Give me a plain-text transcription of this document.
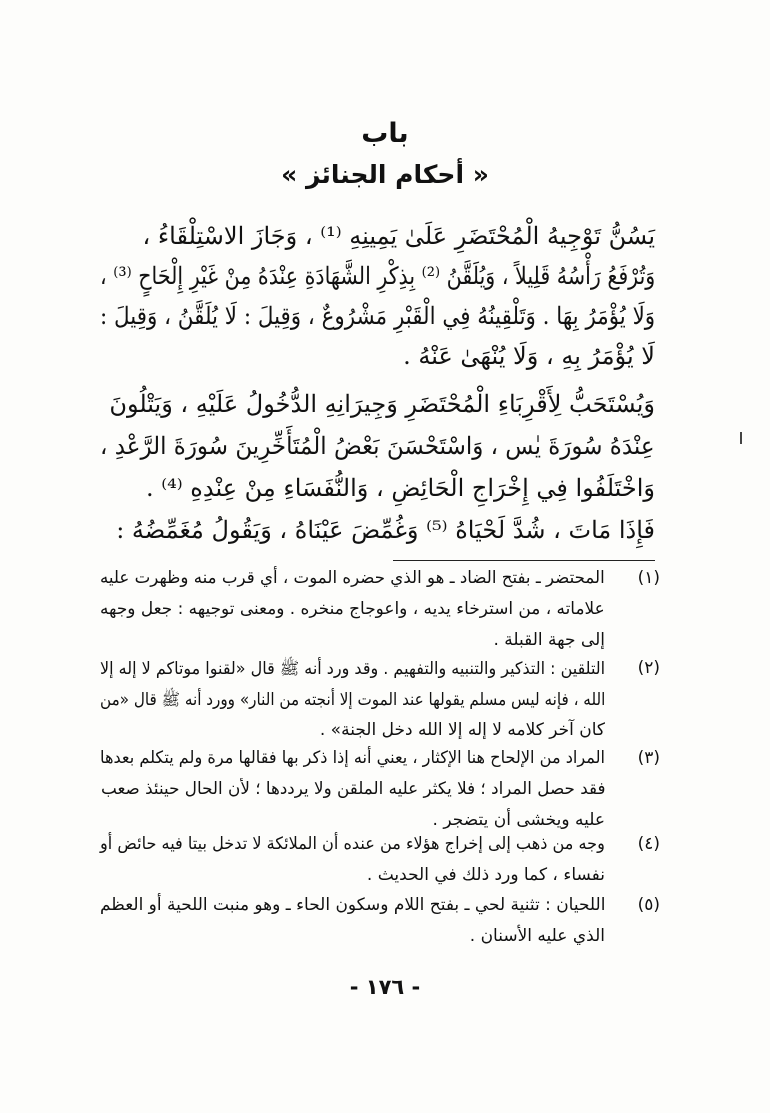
باب
« أحكام الجنائز »
يَسُنُّ تَوْجِيهُ الْمُحْتَضَرِ عَلَىٰ يَمِينِهِ ⁽¹⁾ ، وَجَازَ الاسْتِلْقَاءُ ،
وَتُرْفَعُ رَأْسُهُ قَلِيلاً ، وَيُلَقَّنُ ⁽²⁾ بِذِكْرِ الشَّهَادَةِ عِنْدَهُ مِنْ غَيْرِ إِلْحَاحٍ ⁽³⁾ ،
وَلَا يُؤْمَرُ بِهَا . وَتَلْقِينُهُ فِي الْقَبْرِ مَشْرُوعٌ ، وَقِيلَ : لَا يُلَقَّنُ ، وَقِيلَ :
لَا يُؤْمَرُ بِهِ ، وَلَا يُنْهَىٰ عَنْهُ .
وَيُسْتَحَبُّ لِأَقْرِبَاءِ الْمُحْتَضَرِ وَجِيرَانِهِ الدُّخُولُ عَلَيْهِ ، وَيَتْلُونَ
عِنْدَهُ سُورَةَ يٰس ، وَاسْتَحْسَنَ بَعْضُ الْمُتَأَخِّرِينَ سُورَةَ الرَّعْدِ ،
وَاخْتَلَفُوا فِي إِخْرَاجِ الْحَائِضِ ، وَالنُّفَسَاءِ مِنْ عِنْدِهِ ⁽⁴⁾ .
فَإِذَا مَاتَ ، شُدَّ لَحْيَاهُ ⁽⁵⁾ وَغُمِّضَ عَيْنَاهُ ، وَيَقُولُ مُغَمِّضُهُ :
(١)
المحتضر ـ بفتح الضاد ـ هو الذي حضره الموت ، أي قرب منه وظهرت عليه
علاماته ، من استرخاء يديه ، واعوجاج منخره . ومعنى توجيهه : جعل وجهه
إلى جهة القبلة .
(٢)
التلقين : التذكير والتنبيه والتفهيم . وقد ورد أنه ﷺ قال «لقنوا موتاكم لا إله إلا
الله ، فإنه ليس مسلم يقولها عند الموت إلا أنجته من النار» وورد أنه ﷺ قال «من
كان آخر كلامه لا إله إلا الله دخل الجنة» .
(٣)
المراد من الإلحاح هنا الإكثار ، يعني أنه إذا ذكر بها فقالها مرة ولم يتكلم بعدها
فقد حصل المراد ؛ فلا يكثر عليه الملقن ولا يرددها ؛ لأن الحال حينئذ صعب
عليه ويخشى أن يتضجر .
(٤)
وجه من ذهب إلى إخراج هؤلاء من عنده أن الملائكة لا تدخل بيتا فيه حائض أو
نفساء ، كما ورد ذلك في الحديث .
(٥)
اللحيان : تثنية لحي ـ بفتح اللام وسكون الحاء ـ وهو منبت اللحية أو العظم
الذي عليه الأسنان .
- ١٧٦ -
